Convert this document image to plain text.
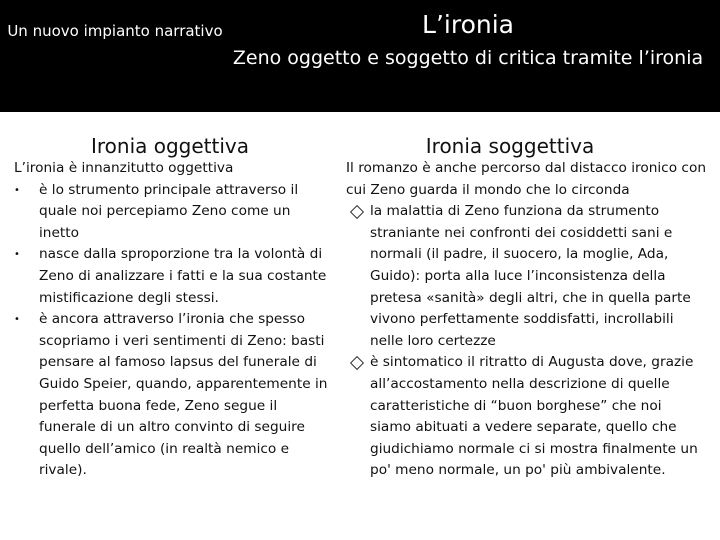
Un nuovo impianto narrativo	L’ironia
Zeno oggetto e soggetto di critica tramite l’ironia
Ironia oggettiva	Ironia soggettiva

L’ironia è innanzitutto oggettiva

• è lo strumento principale attraverso il quale noi percepiamo Zeno come un inetto
• nasce dalla sproporzione tra la volontà di Zeno di analizzare i fatti e la sua costante mistificazione degli stessi.
• è ancora attraverso l’ironia che spesso scopriamo i veri sentimenti di Zeno: basti pensare al famoso lapsus del funerale di Guido Speier, quando, apparentemente in perfetta buona fede, Zeno segue il funerale di un altro convinto di seguire quello dell’amico (in realtà nemico e rivale).

Il romanzo è anche percorso dal distacco ironico con cui Zeno guarda il mondo che lo circonda

la malattia di Zeno funziona da strumento straniante nei confronti dei cosiddetti sani e normali (il padre, il suocero, la moglie, Ada, Guido): porta alla luce l’inconsistenza della pretesa «sanità» degli altri, che in quella parte vivono perfettamente soddisfatti, incrollabili nelle loro certezze
è sintomatico il ritratto di Augusta dove, grazie all’accostamento nella descrizione di quelle caratteristiche di “buon borghese” che noi siamo abituati a vedere separate, quello che giudichiamo normale ci si mostra finalmente un po' meno normale, un po' più ambivalente.
